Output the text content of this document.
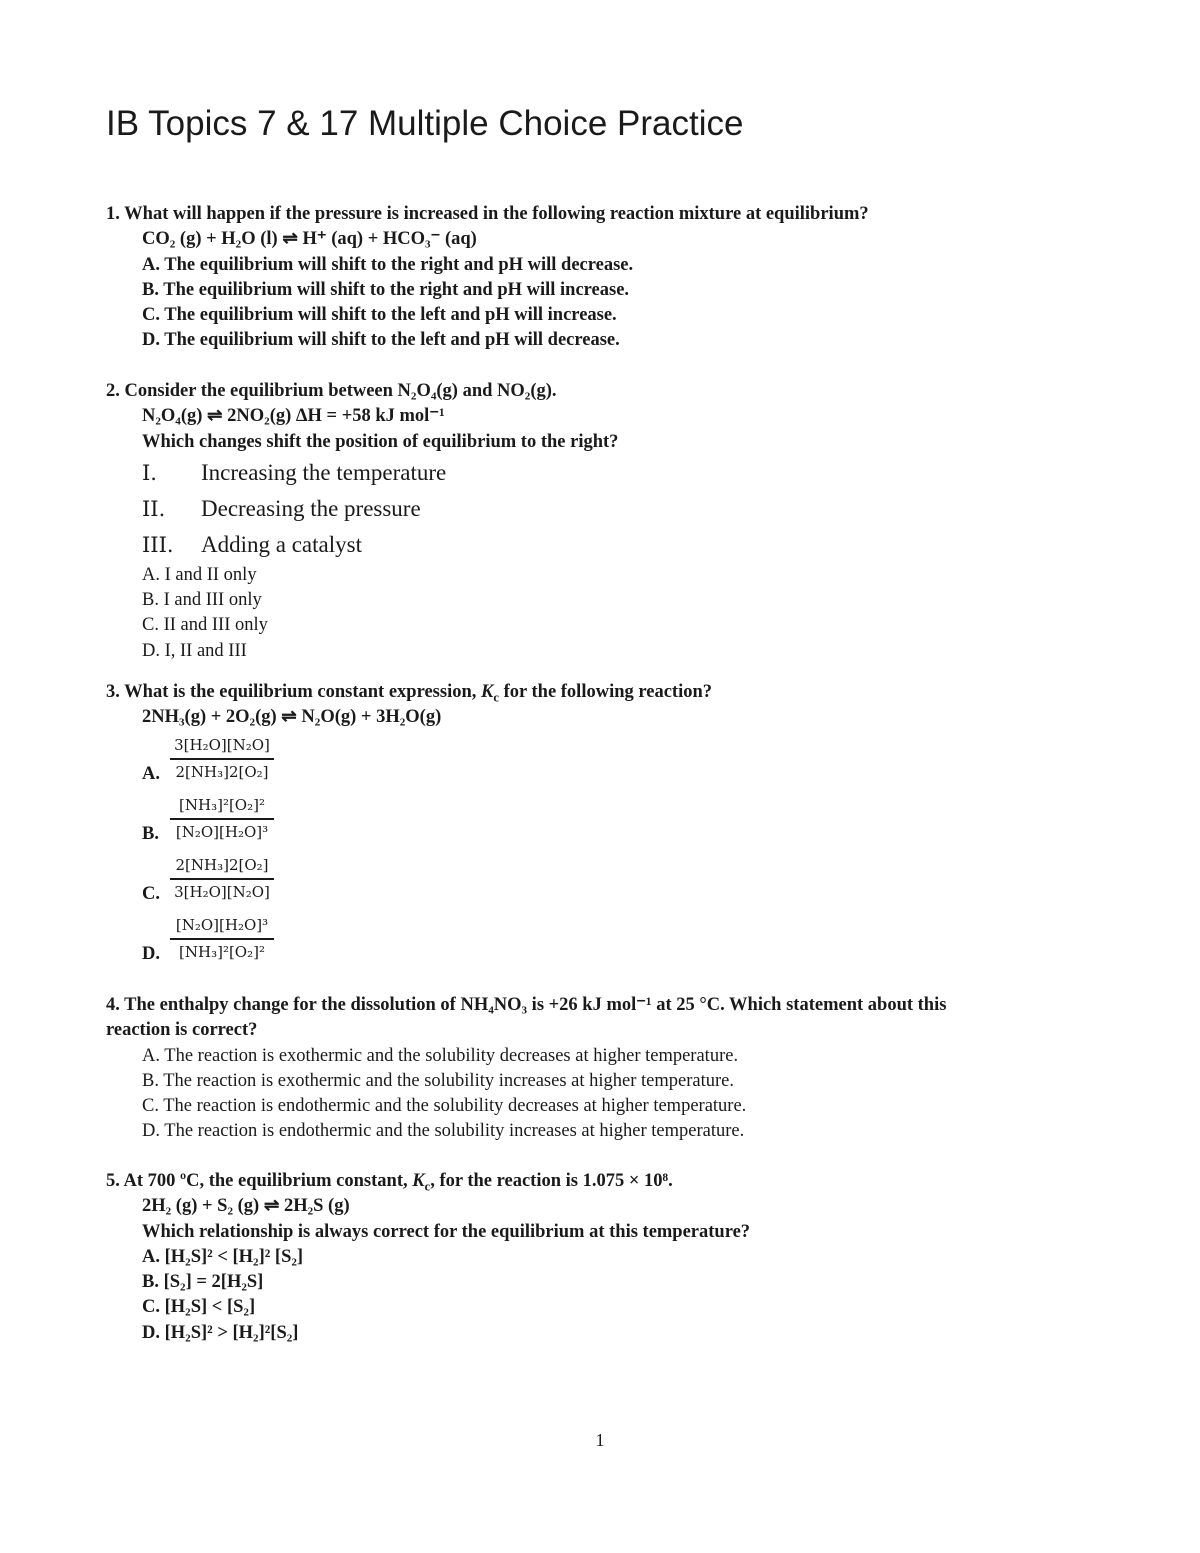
IB Topics 7 & 17 Multiple Choice Practice
1. What will happen if the pressure is increased in the following reaction mixture at equilibrium?
CO₂ (g) + H₂O (l) ⇌ H⁺ (aq) + HCO₃⁻ (aq)
A. The equilibrium will shift to the right and pH will decrease.
B. The equilibrium will shift to the right and pH will increase.
C. The equilibrium will shift to the left and pH will increase.
D. The equilibrium will shift to the left and pH will decrease.
2. Consider the equilibrium between N₂O₄(g) and NO₂(g).
N₂O₄(g) ⇌ 2NO₂(g) ΔH = +58 kJ mol⁻¹
Which changes shift the position of equilibrium to the right?
I. Increasing the temperature
II. Decreasing the pressure
III. Adding a catalyst
A. I and II only
B. I and III only
C. II and III only
D. I, II and III
3. What is the equilibrium constant expression, $K_c$ for the following reaction?
2NH₃(g) + 2O₂(g) ⇌ N₂O(g) + 3H₂O(g)
3[H₂O][N₂O]
2[NH₃]2[O₂]
A.
[NH₃]²[O₂]²
[N₂O][H₂O]³
B.
2[NH₃]2[O₂]
3[H₂O][N₂O]
C.
[N₂O][H₂O]³
[NH₃]²[O₂]²
D.
4. The enthalpy change for the dissolution of NH₄NO₃ is +26 kJ mol⁻¹ at 25 °C. Which statement about this
reaction is correct?
A. The reaction is exothermic and the solubility decreases at higher temperature.
B. The reaction is exothermic and the solubility increases at higher temperature.
C. The reaction is endothermic and the solubility decreases at higher temperature.
D. The reaction is endothermic and the solubility increases at higher temperature.
5. At 700 ºC, the equilibrium constant, $K_c$, for the reaction is 1.075 × 10⁸.
2H₂ (g) + S₂ (g) ⇌ 2H₂S (g)
Which relationship is always correct for the equilibrium at this temperature?
A. [H₂S]² < [H₂]² [S₂]
B. [S₂] = 2[H₂S]
C. [H₂S] < [S₂]
D. [H₂S]² > [H₂]²[S₂]
1
